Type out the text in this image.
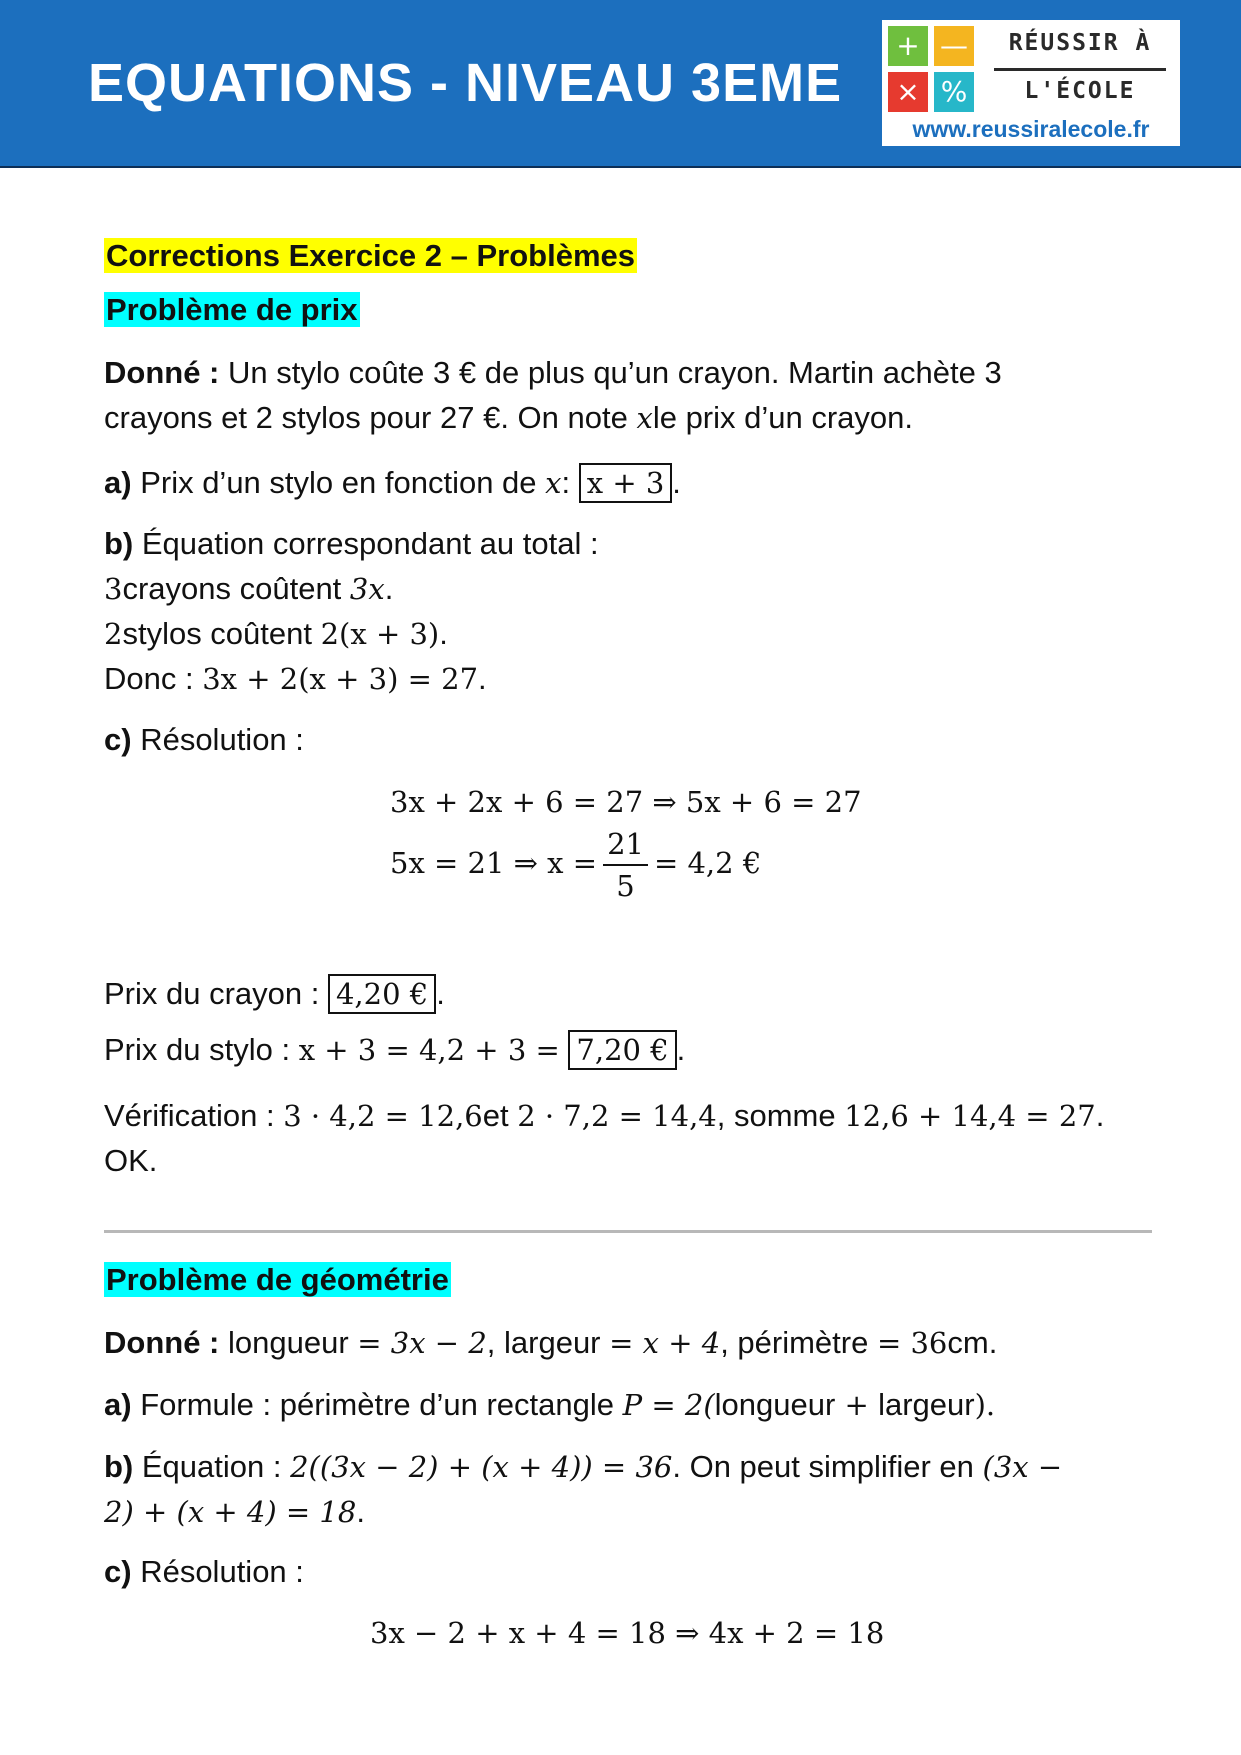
EQUATIONS - NIVEAU 3EME
+ —
× %
RÉUSSIR À
L'ÉCOLE
www.reussiralecole.fr
Corrections Exercice 2 – Problèmes
Problème de prix
Donné : Un stylo coûte 3 € de plus qu’un crayon. Martin achète 3
crayons et 2 stylos pour 27 €. On note xle prix d’un crayon.
a) Prix d’un stylo en fonction de x: x + 3 .
b) Équation correspondant au total :
3crayons coûtent 3x.
2stylos coûtent 2(x + 3).
Donc : 3x + 2(x + 3) = 27.
c) Résolution :
3x + 2x + 6 = 27 ⇒ 5x + 6 = 27
5x = 21 ⇒ $x = \frac{21}{5} = 4,2$ €
Prix du crayon : 4,20 € .
Prix du stylo : x + 3 = 4,2 + 3 = 7,20 € .
Vérification : 3 · 4,2 = 12,6et 2 · 7,2 = 14,4, somme 12,6 + 14,4 = 27.
OK.
Problème de géométrie
Donné : longueur = 3x − 2, largeur = x + 4, périmètre = 36cm.
a) Formule : périmètre d’un rectangle P = 2(longueur + largeur).
b) Équation : 2((3x − 2) + (x + 4)) = 36. On peut simplifier en (3x −
2) + (x + 4) = 18.
c) Résolution :
3x − 2 + x + 4 = 18 ⇒ 4x + 2 = 18
